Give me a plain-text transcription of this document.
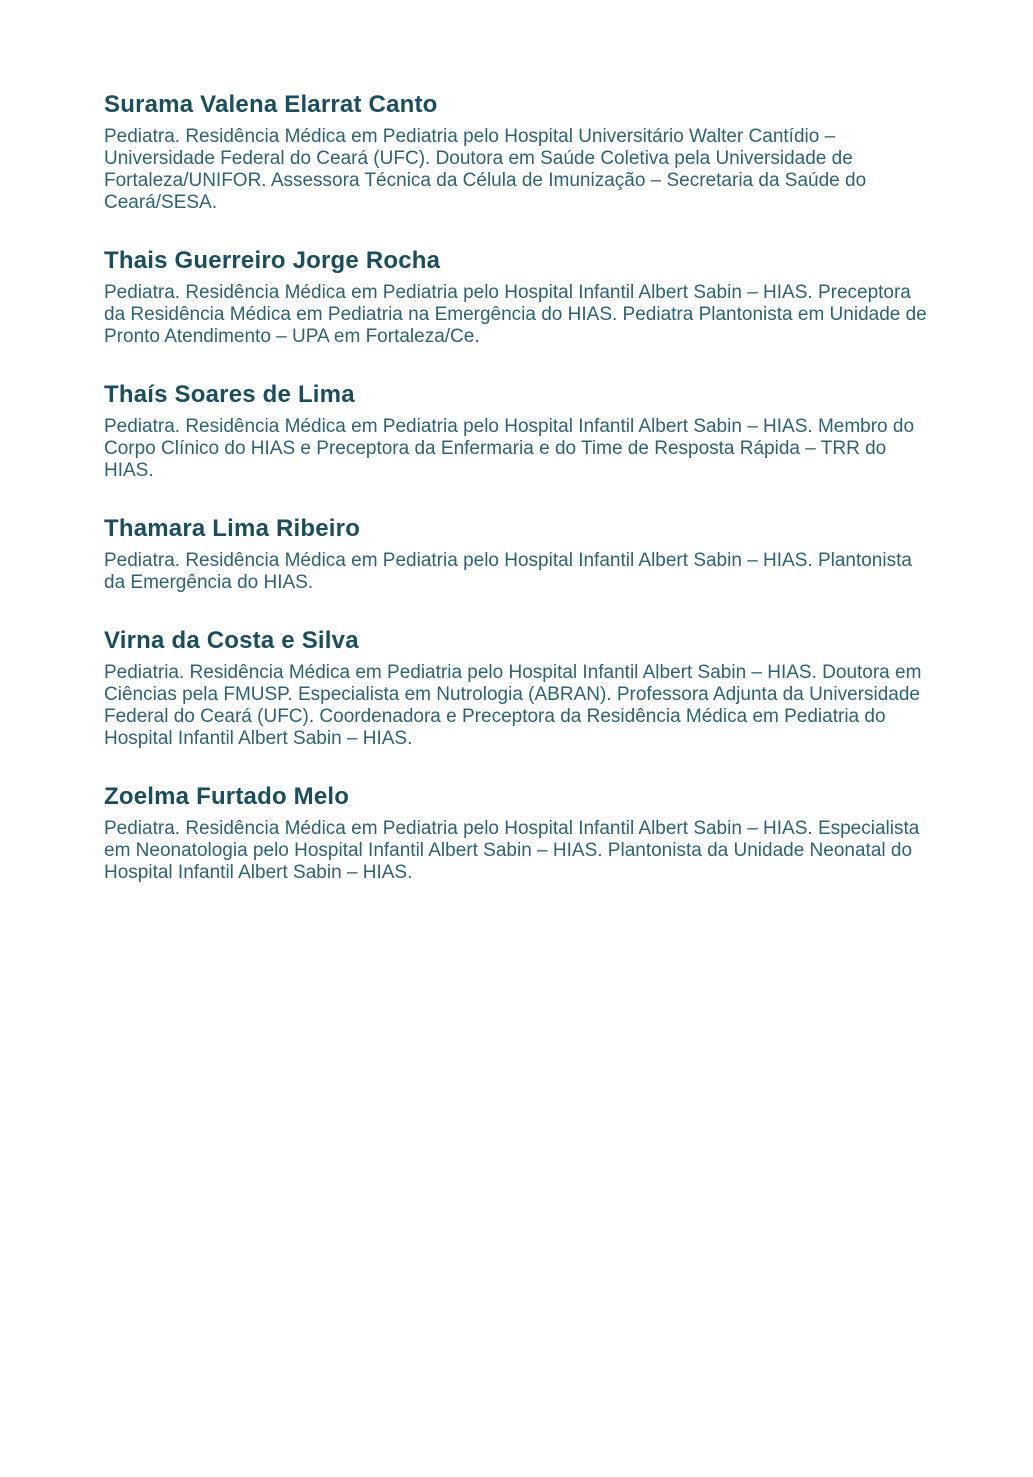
Surama Valena Elarrat Canto

Pediatra. Residência Médica em Pediatria pelo Hospital Universitário Walter Cantídio – Universidade Federal do Ceará (UFC). Doutora em Saúde Coletiva pela Universidade de Fortaleza/UNIFOR. Assessora Técnica da Célula de Imunização – Secretaria da Saúde do Ceará/SESA.

Thais Guerreiro Jorge Rocha

Pediatra. Residência Médica em Pediatria pelo Hospital Infantil Albert Sabin – HIAS. Preceptora da Residência Médica em Pediatria na Emergência do HIAS. Pediatra Plantonista em Unidade de Pronto Atendimento – UPA em Fortaleza/Ce.

Thaís Soares de Lima

Pediatra. Residência Médica em Pediatria pelo Hospital Infantil Albert Sabin – HIAS. Membro do Corpo Clínico do HIAS e Preceptora da Enfermaria e do Time de Resposta Rápida – TRR do HIAS.

Thamara Lima Ribeiro

Pediatra. Residência Médica em Pediatria pelo Hospital Infantil Albert Sabin – HIAS. Plantonista da Emergência do HIAS.

Virna da Costa e Silva

Pediatria. Residência Médica em Pediatria pelo Hospital Infantil Albert Sabin – HIAS. Doutora em Ciências pela FMUSP. Especialista em Nutrologia (ABRAN). Professora Adjunta da Universidade Federal do Ceará (UFC). Coordenadora e Preceptora da Residência Médica em Pediatria do Hospital Infantil Albert Sabin – HIAS.

Zoelma Furtado Melo

Pediatra. Residência Médica em Pediatria pelo Hospital Infantil Albert Sabin – HIAS. Especialista em Neonatologia pelo Hospital Infantil Albert Sabin – HIAS. Plantonista da Unidade Neonatal do Hospital Infantil Albert Sabin – HIAS.
